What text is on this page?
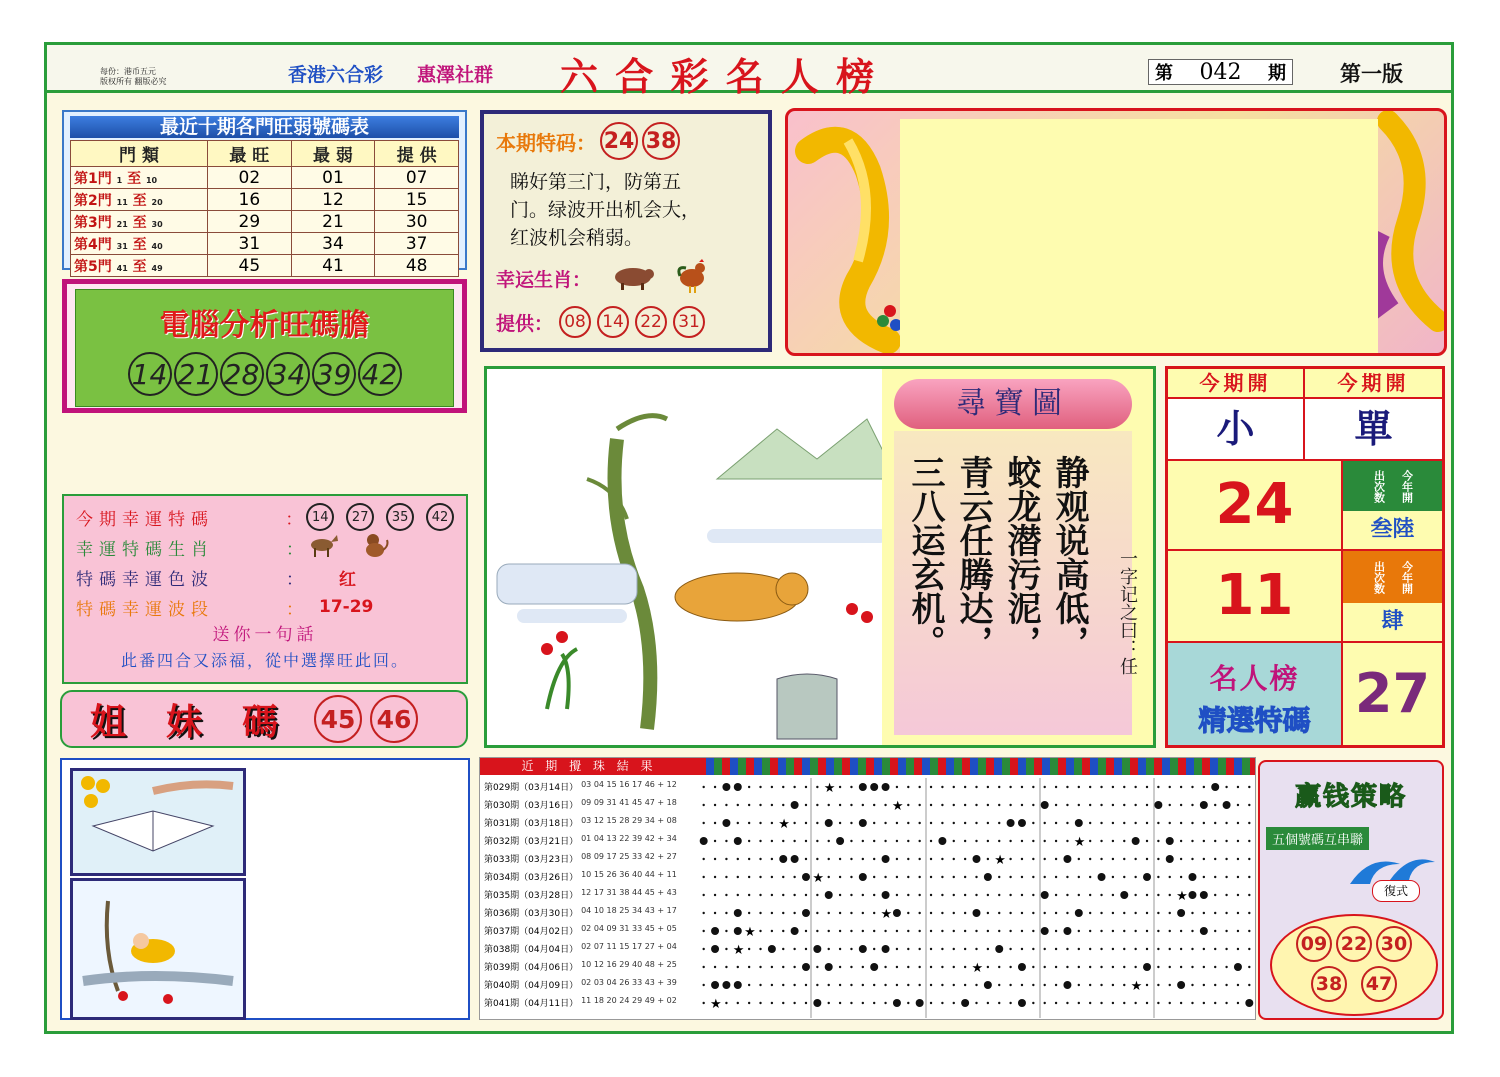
每份：港币五元
版权所有 翻版必究	香港六合彩 惠澤社群 六 合 彩 名 人 榜	第 042 期	第一版
最近十期各門旺弱號碼表
門 類	最 旺	最 弱	提 供
第1門 1 至 10	02	01	07
第2門 11 至 20	16	12	15
第3門 21 至 30	29	21	30
第4門 31 至 40	31	34	37
第5門 41 至 49	45	41	48
電腦分析旺碼膽
14 21 28 34 39 42
本期特码： 24 38
睇好第三门，防第五
门。绿波开出机会大，
红波机会稍弱。
幸运生肖：
提供： 08 14 22 31
今期幸運特碼	： 14	27	35	42
幸運特碼生肖	：
特碼幸運色波	： 红
特碼幸運波段	： 17-29
送你一句話
此番四合又添福，從中選擇旺此回。
姐妹碼 45 46
尋寶圖
静观说高低，
蛟龙潜污泥，
青云任腾达，
三八运玄机。	一字记之曰：任
今期開	今期開
小	單
24	出次数 今年開
叁陸
11	出次数 今年開
肆
名人榜
精選特碼 27
近 期 攪 珠 結 果
第029期（03月14日） 03 04 15 16 17 46 + 12
第030期（03月16日） 09 09 31 41 45 47 + 18
第031期（03月18日） 03 12 15 28 29 34 + 08
第032期（03月21日） 01 04 13 22 39 42 + 34
第033期（03月23日） 08 09 17 25 33 42 + 27
第034期（03月26日） 10 15 26 36 40 44 + 11
第035期（03月28日） 12 17 31 38 44 45 + 43
第036期（03月30日） 04 10 18 25 34 43 + 17
第037期（04月02日） 02 04 09 31 33 45 + 05
第038期（04月04日） 02 07 11 15 17 27 + 04
第039期（04月06日） 10 12 16 29 40 48 + 25
第040期（04月09日） 02 03 04 26 33 43 + 39
第041期（04月11日） 11 18 20 24 29 49 + 02
★
★
★
★
★
★
★
★
★
★
★
★
★
赢钱策略
五個號碼互串聯
復式
09 22 30
38 47
